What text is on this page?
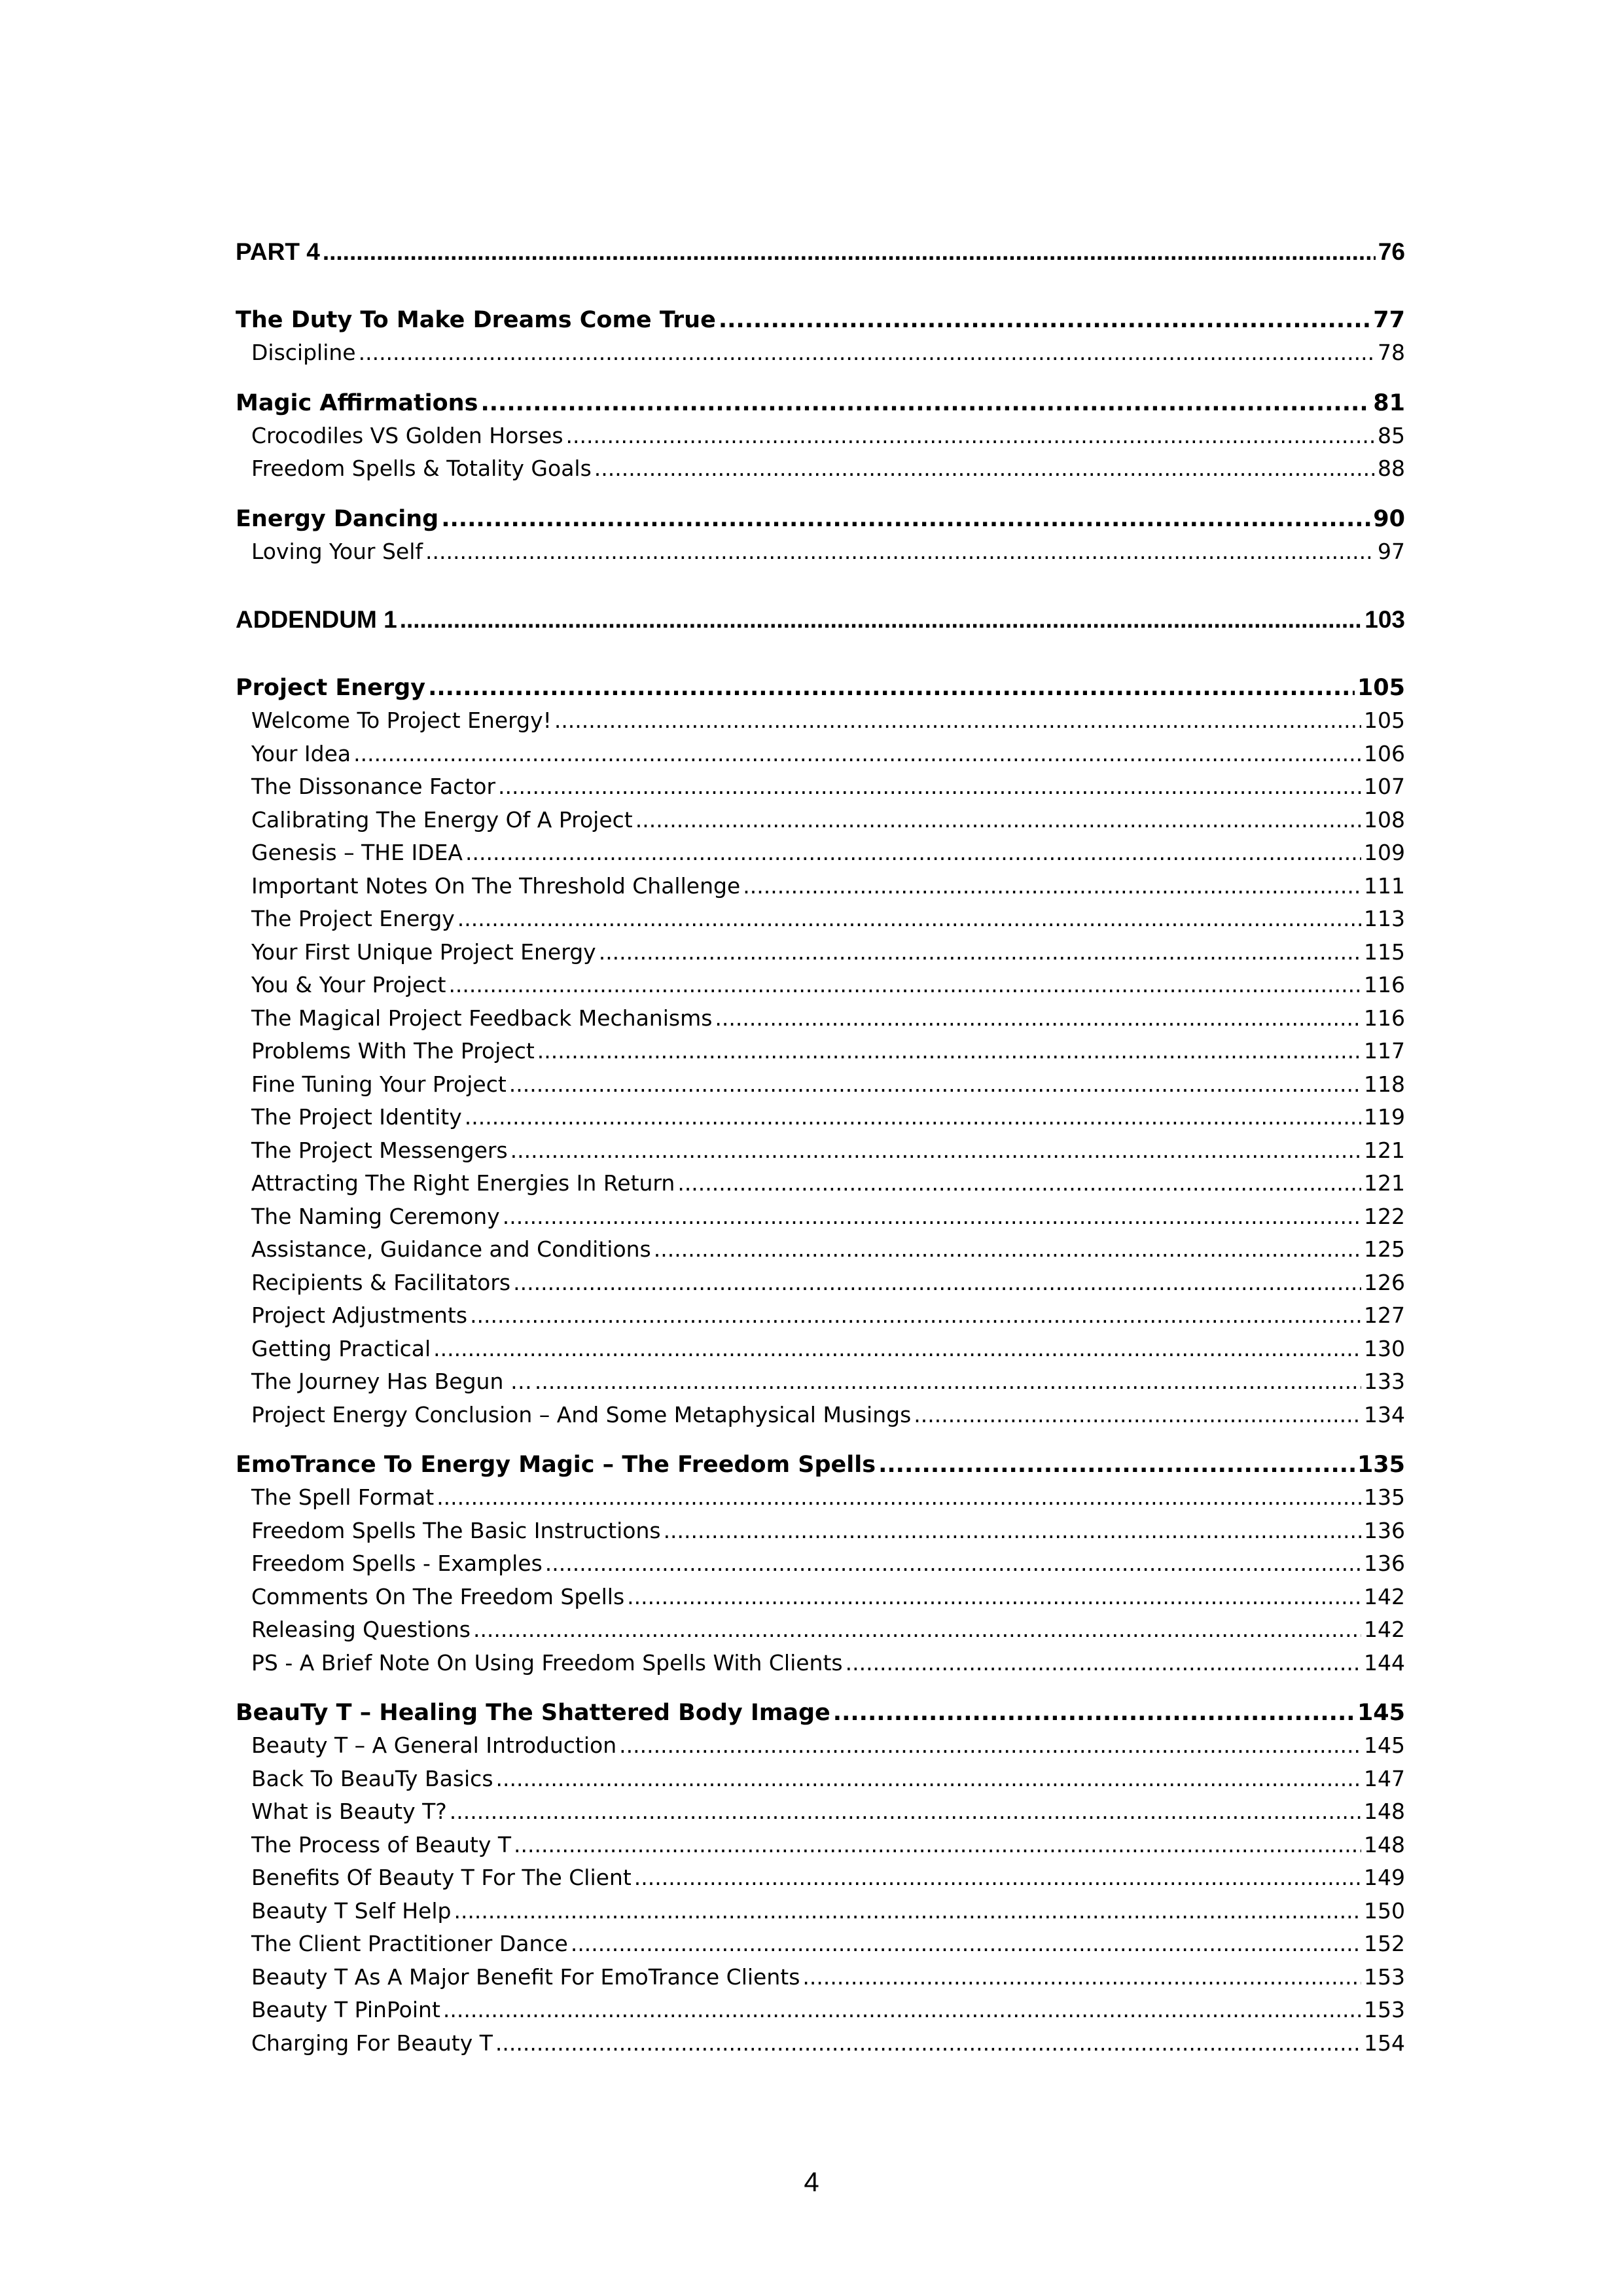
PART 4 .....	76
The Duty To Make Dreams Come True .....	77
Discipline .....	78
Magic Affirmations .....	81
Crocodiles VS Golden Horses .....	85
Freedom Spells & Totality Goals .....	88
Energy Dancing .....	90
Loving Your Self .....	97
ADDENDUM 1 .....	103
Project Energy .....	105
Welcome To Project Energy! .....	105
Your Idea .....	106
The Dissonance Factor .....	107
Calibrating The Energy Of A Project .....	108
Genesis – THE IDEA .....	109
Important Notes On The Threshold Challenge .....	111
The Project Energy .....	113
Your First Unique Project Energy .....	115
You & Your Project .....	116
The Magical Project Feedback Mechanisms .....	116
Problems With The Project .....	117
Fine Tuning Your Project .....	118
The Project Identity .....	119
The Project Messengers .....	121
Attracting The Right Energies In Return .....	121
The Naming Ceremony .....	122
Assistance, Guidance and Conditions .....	125
Recipients & Facilitators .....	126
Project Adjustments .....	127
Getting Practical .....	130
The Journey Has Begun … .....	133
Project Energy Conclusion – And Some Metaphysical Musings .....	134
EmoTrance To Energy Magic – The Freedom Spells .....	135
The Spell Format .....	135
Freedom Spells The Basic Instructions .....	136
Freedom Spells - Examples .....	136
Comments On The Freedom Spells .....	142
Releasing Questions .....	142
PS - A Brief Note On Using Freedom Spells With Clients .....	144
BeauTy T – Healing The Shattered Body Image .....	145
Beauty T – A General Introduction .....	145
Back To BeauTy Basics .....	147
What is Beauty T? .....	148
The Process of Beauty T .....	148
Benefits Of Beauty T For The Client .....	149
Beauty T Self Help .....	150
The Client Practitioner Dance .....	152
Beauty T As A Major Benefit For EmoTrance Clients .....	153
Beauty T PinPoint .....	153
Charging For Beauty T .....	154
4
